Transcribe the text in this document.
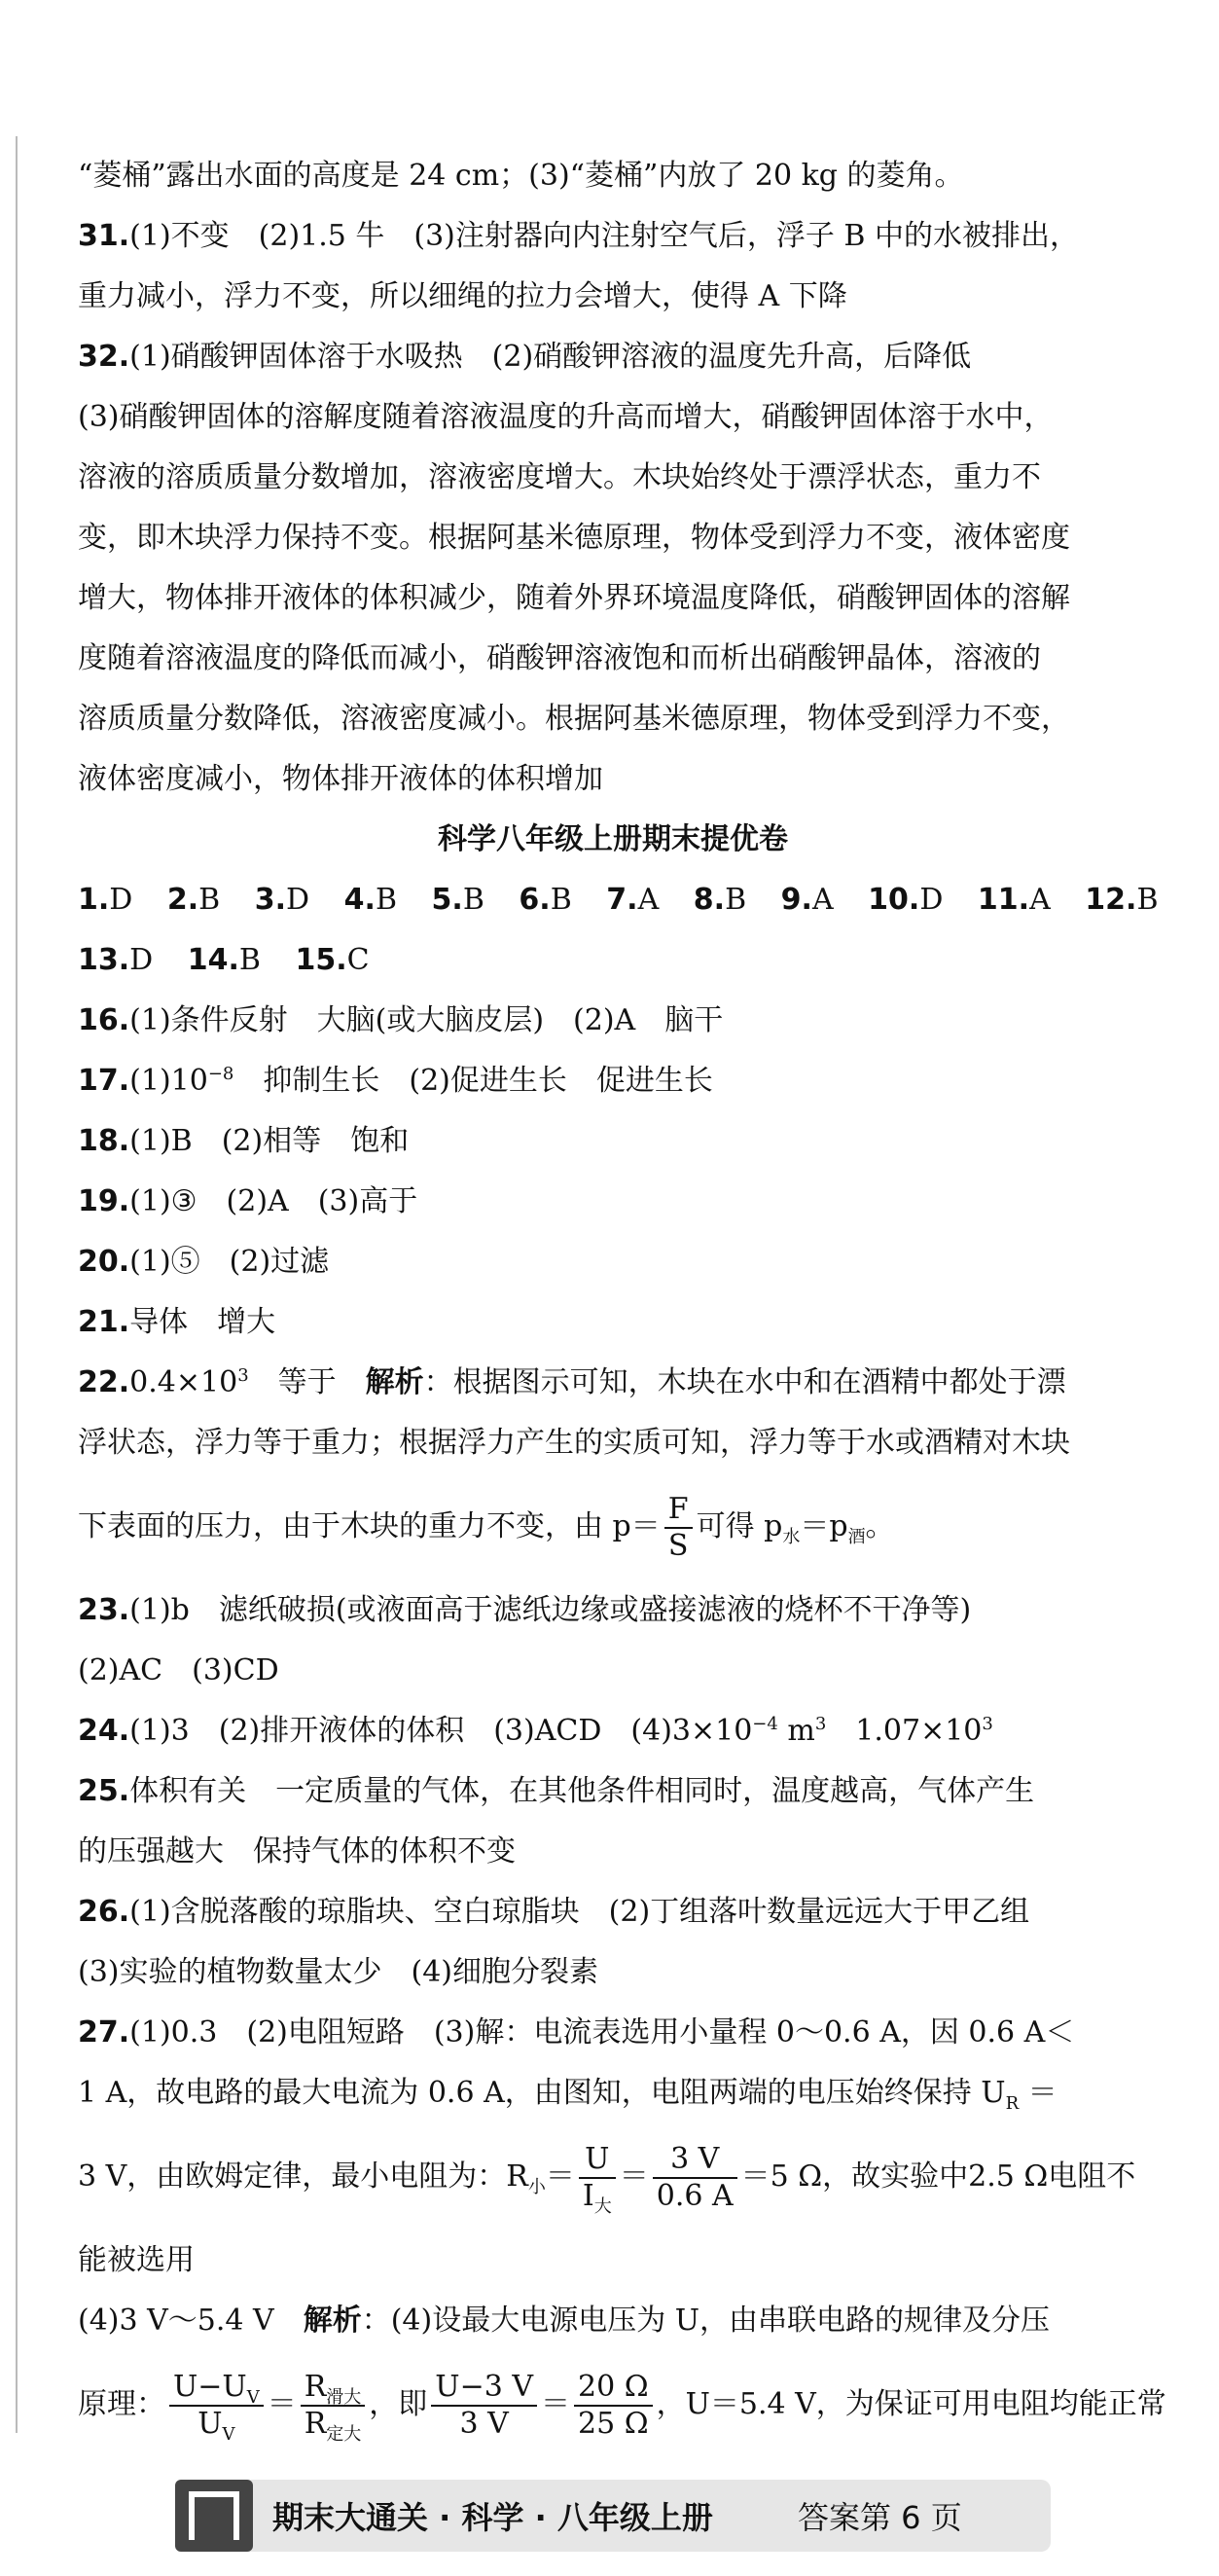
“菱桶”露出水面的高度是 24 cm；(3)“菱桶”内放了 20 kg 的菱角。
31.(1)不变　(2)1.5 牛　(3)注射器向内注射空气后，浮子 B 中的水被排出，
重力减小，浮力不变，所以细绳的拉力会增大，使得 A 下降
32.(1)硝酸钾固体溶于水吸热　(2)硝酸钾溶液的温度先升高，后降低
(3)硝酸钾固体的溶解度随着溶液温度的升高而增大，硝酸钾固体溶于水中，
溶液的溶质质量分数增加，溶液密度增大。木块始终处于漂浮状态，重力不
变，即木块浮力保持不变。根据阿基米德原理，物体受到浮力不变，液体密度
增大，物体排开液体的体积减少，随着外界环境温度降低，硝酸钾固体的溶解
度随着溶液温度的降低而减小，硝酸钾溶液饱和而析出硝酸钾晶体，溶液的
溶质质量分数降低，溶液密度减小。根据阿基米德原理，物体受到浮力不变，
液体密度减小，物体排开液体的体积增加
科学八年级上册期末提优卷
1.D 2.B 3.D 4.B 5.B 6.B 7.A 8.B 9.A 10.D 11.A 12.B
13.D 14.B 15.C
16.(1)条件反射　大脑(或大脑皮层)　(2)A　脑干
$17.(1)10^{-8}$　抑制生长　(2)促进生长　促进生长
18.(1)B　(2)相等　饱和
19.(1)③　(2)A　(3)高于
20.(1)⑤　(2)过滤
21.导体　增大
$22.0.4\times 10^3$　等于　解析：根据图示可知，木块在水中和在酒精中都处于漂
浮状态，浮力等于重力；根据浮力产生的实质可知，浮力等于水或酒精对木块
下表面的压力，由于木块的重力不变，由 $p= \frac{F}{S}$ 可得 $p_水=p_酒$。
23.(1)b　滤纸破损(或液面高于滤纸边缘或盛接滤液的烧杯不干净等)
(2)AC　(3)CD
24.(1)3　(2)排开液体的体积　(3)ACD　$(4)3\times 10^{-4}$ $m^3$　$1.07\times 10^3$
25.体积有关　一定质量的气体，在其他条件相同时，温度越高，气体产生
的压强越大　保持气体的体积不变
26.(1)含脱落酸的琼脂块、空白琼脂块　(2)丁组落叶数量远远大于甲乙组
(3)实验的植物数量太少　(4)细胞分裂素
27.(1)0.3　(2)电阻短路　(3)解：电流表选用小量程 0～0.6 A，因 0.6 A＜
1 A，故电路的最大电流为 0.6 A，由图知，电阻两端的电压始终保持 $U_R$ ＝
3 V，由欧姆定律，最小电阻为：$R_小= \frac{U}{I_大} = \frac{3 V}{0.6 A} =5$ Ω，故实验中2.5 Ω电阻不
能被选用
(4)3 V～5.4 V　解析：(4)设最大电源电压为 U，由串联电路的规律及分压
原理： $\frac{U-U_V}{U_V} = \frac{R_{滑大}}{R_{定大}}$ ，即 $\frac{U-3 V}{3 V} = \frac{20 \Omega}{25 \Omega}$ ，U＝5.4 V，为保证可用电阻均能正常
期末大通关 · 科学 · 八年级上册	答案第 6 页
